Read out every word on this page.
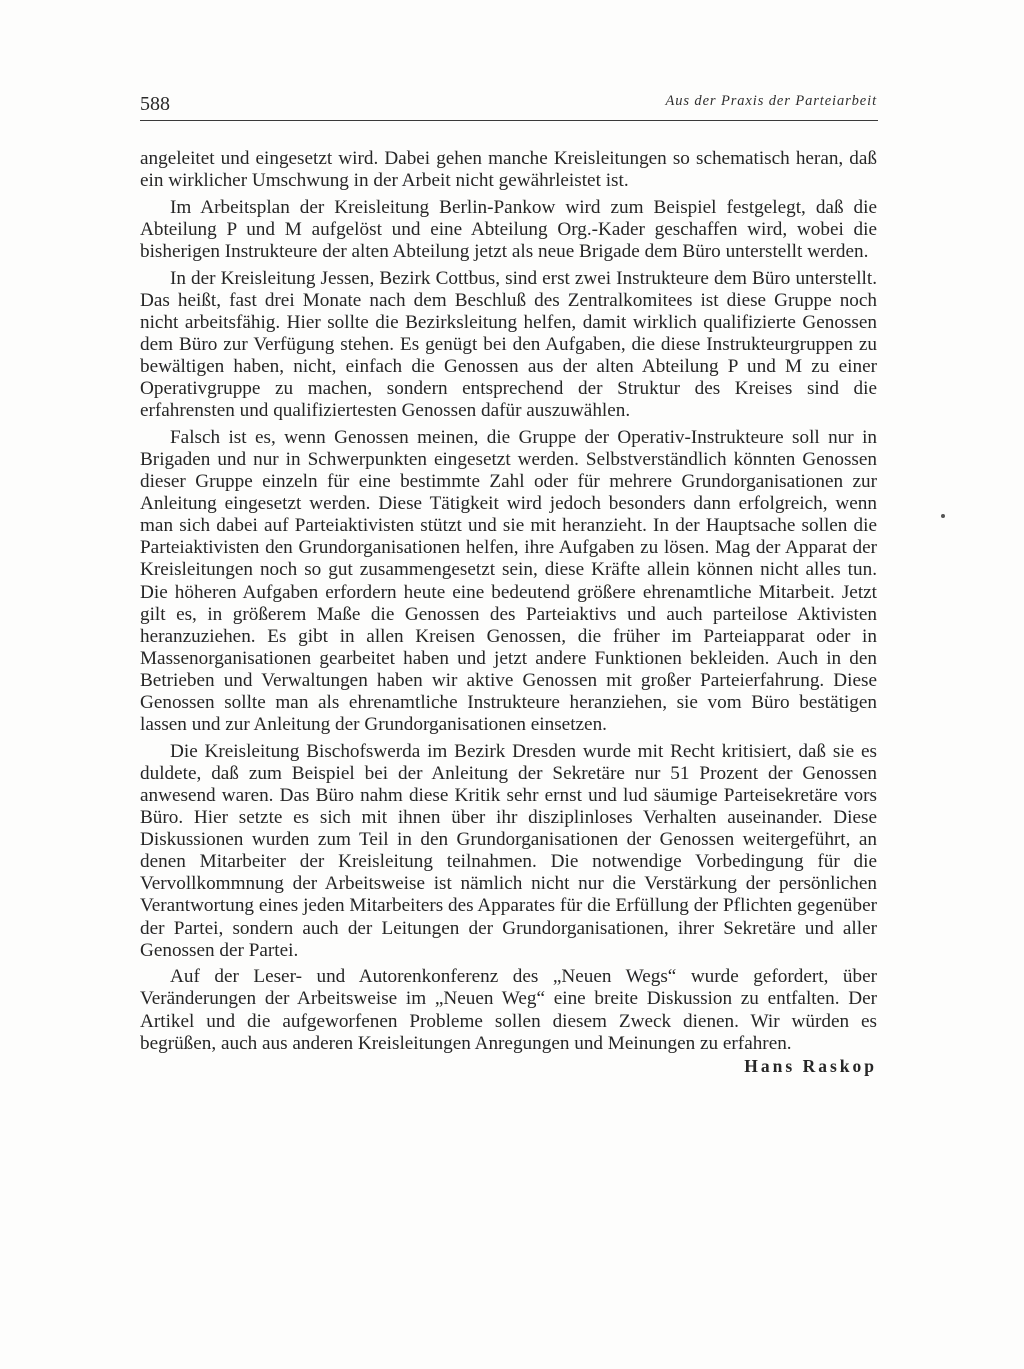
588	Aus der Praxis der Parteiarbeit

angeleitet und eingesetzt wird. Dabei gehen manche Kreisleitungen so schematisch heran, daß ein wirklicher Umschwung in der Arbeit nicht gewährleistet ist.

Im Arbeitsplan der Kreisleitung Berlin-Pankow wird zum Beispiel festgelegt, daß die Abteilung P und M aufgelöst und eine Abteilung Org.-Kader geschaffen wird, wobei die bisherigen Instrukteure der alten Abteilung jetzt als neue Brigade dem Büro unterstellt werden.

In der Kreisleitung Jessen, Bezirk Cottbus, sind erst zwei Instrukteure dem Büro unterstellt. Das heißt, fast drei Monate nach dem Beschluß des Zentralkomitees ist diese Gruppe noch nicht arbeitsfähig. Hier sollte die Bezirksleitung helfen, damit wirklich qualifizierte Genossen dem Büro zur Verfügung stehen. Es genügt bei den Aufgaben, die diese Instrukteurgruppen zu bewältigen haben, nicht, einfach die Genossen aus der alten Abteilung P und M zu einer Operativgruppe zu machen, sondern entsprechend der Struktur des Kreises sind die erfahrensten und qualifiziertesten Genossen dafür auszuwählen.

Falsch ist es, wenn Genossen meinen, die Gruppe der Operativ-Instrukteure soll nur in Brigaden und nur in Schwerpunkten eingesetzt werden. Selbstverständlich könnten Genossen dieser Gruppe einzeln für eine bestimmte Zahl oder für mehrere Grundorganisationen zur Anleitung eingesetzt werden. Diese Tätigkeit wird jedoch besonders dann erfolgreich, wenn man sich dabei auf Parteiaktivisten stützt und sie mit heranzieht. In der Hauptsache sollen die Parteiaktivisten den Grundorganisationen helfen, ihre Aufgaben zu lösen. Mag der Apparat der Kreisleitungen noch so gut zusammengesetzt sein, diese Kräfte allein können nicht alles tun. Die höheren Aufgaben erfordern heute eine bedeutend größere ehrenamtliche Mitarbeit. Jetzt gilt es, in größerem Maße die Genossen des Parteiaktivs und auch parteilose Aktivisten heranzuziehen. Es gibt in allen Kreisen Genossen, die früher im Parteiapparat oder in Massenorganisationen gearbeitet haben und jetzt andere Funktionen bekleiden. Auch in den Betrieben und Verwaltungen haben wir aktive Genossen mit großer Parteierfahrung. Diese Genossen sollte man als ehrenamtliche Instrukteure heranziehen, sie vom Büro bestätigen lassen und zur Anleitung der Grundorganisationen einsetzen.

Die Kreisleitung Bischofswerda im Bezirk Dresden wurde mit Recht kritisiert, daß sie es duldete, daß zum Beispiel bei der Anleitung der Sekretäre nur 51 Prozent der Genossen anwesend waren. Das Büro nahm diese Kritik sehr ernst und lud säumige Parteisekretäre vors Büro. Hier setzte es sich mit ihnen über ihr disziplinloses Verhalten auseinander. Diese Diskussionen wurden zum Teil in den Grundorganisationen der Genossen weitergeführt, an denen Mitarbeiter der Kreisleitung teilnahmen. Die notwendige Vorbedingung für die Vervollkommnung der Arbeitsweise ist nämlich nicht nur die Verstärkung der persönlichen Verantwortung eines jeden Mitarbeiters des Apparates für die Erfüllung der Pflichten gegenüber der Partei, sondern auch der Leitungen der Grundorganisationen, ihrer Sekretäre und aller Genossen der Partei.

Auf der Leser- und Autorenkonferenz des „Neuen Wegs“ wurde gefordert, über Veränderungen der Arbeitsweise im „Neuen Weg“ eine breite Diskussion zu entfalten. Der Artikel und die aufgeworfenen Probleme sollen diesem Zweck dienen. Wir würden es begrüßen, auch aus anderen Kreisleitungen Anregungen und Meinungen zu erfahren.

Hans Raskop
